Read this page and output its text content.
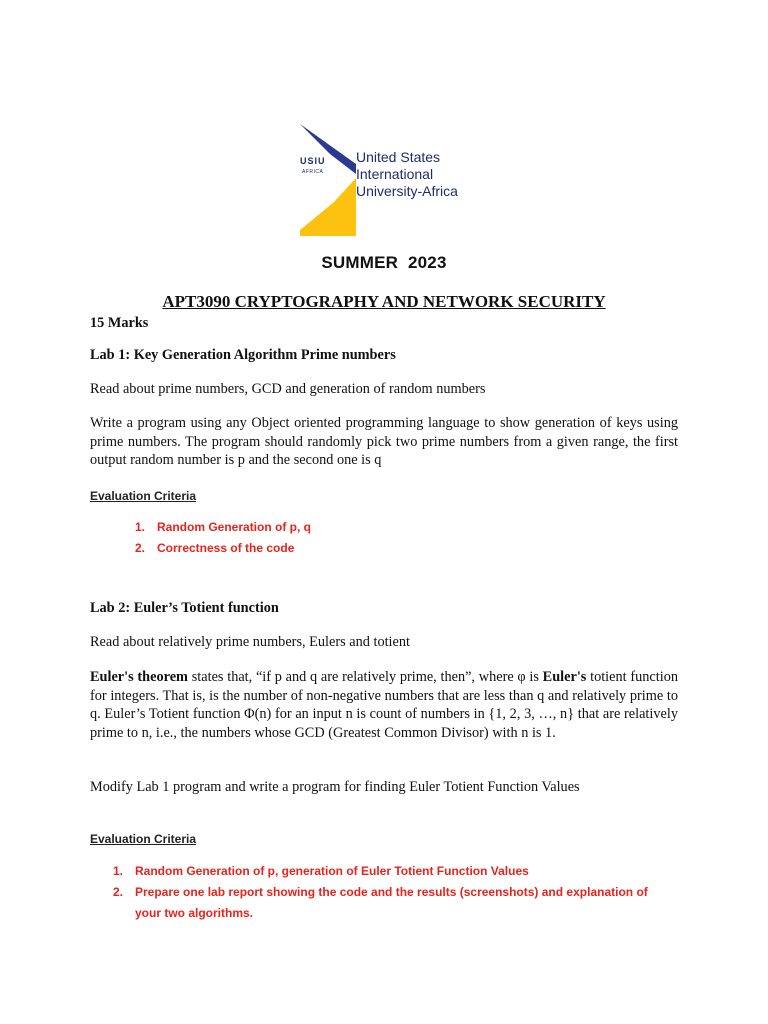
USIU
AFRICA
United States
International
University-Africa
SUMMER  2023
APT3090 CRYPTOGRAPHY AND NETWORK SECURITY
15 Marks
Lab 1: Key Generation Algorithm Prime numbers
Read about prime numbers, GCD and generation of random numbers
Write a program using any Object oriented programming language to show generation of keys using prime numbers. The program should randomly pick two prime numbers from a given range, the first output random number is p and the second one is q
Evaluation Criteria
1. Random Generation of p, q
2. Correctness of the code
Lab 2: Euler’s Totient function
Read about relatively prime numbers, Eulers and totient
Euler's theorem states that, “if p and q are relatively prime, then”, where φ is Euler's totient function for integers. That is, is the number of non-negative numbers that are less than q and relatively prime to q. Euler’s Totient function Φ(n) for an input n is count of numbers in {1, 2, 3, …, n} that are relatively prime to n, i.e., the numbers whose GCD (Greatest Common Divisor) with n is 1.
Modify Lab 1 program and write a program for finding Euler Totient Function Values
Evaluation Criteria
1. Random Generation of p, generation of Euler Totient Function Values
2. Prepare one lab report showing the code and the results (screenshots) and explanation of your two algorithms.
